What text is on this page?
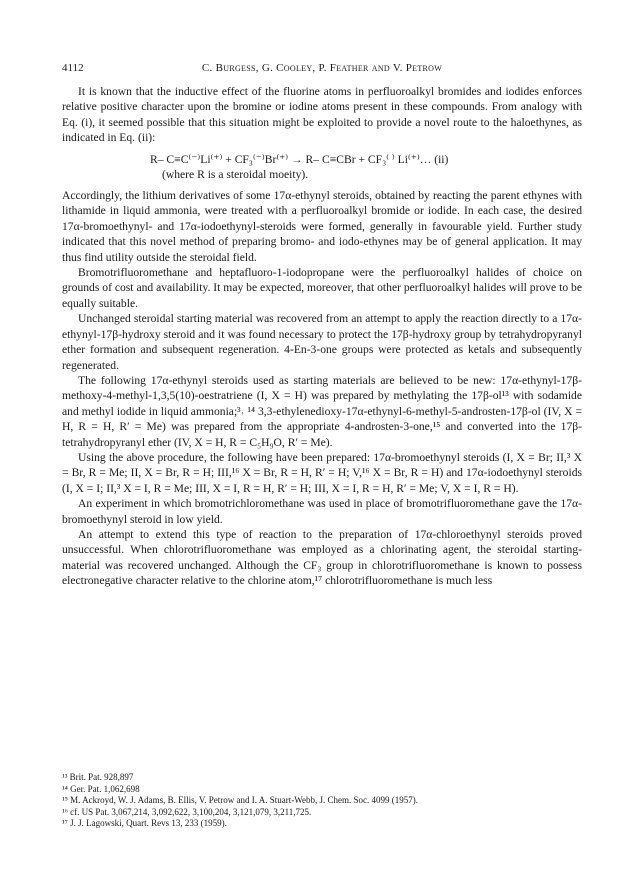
4112	C. Burgess, G. Cooley, P. Feather and V. Petrow

It is known that the inductive effect of the fluorine atoms in perfluoroalkyl bromides and iodides enforces relative positive character upon the bromine or iodine atoms present in these compounds. From analogy with Eq. (i), it seemed possible that this situation might be exploited to provide a novel route to the haloethynes, as indicated in Eq. (ii):

R– C≡C⁽⁻⁾Li⁽⁺⁾ + CF₃⁽⁻⁾Br⁽⁺⁾ → R– C≡CBr + CF₃⁽ ⁾ Li⁽⁺⁾… (ii)
(where R is a steroidal moeity).

Accordingly, the lithium derivatives of some 17α-ethynyl steroids, obtained by reacting the parent ethynes with lithamide in liquid ammonia, were treated with a perfluoroalkyl bromide or iodide. In each case, the desired 17α-bromoethynyl- and 17α-iodoethynyl-steroids were formed, generally in favourable yield. Further study indicated that this novel method of preparing bromo- and iodo-ethynes may be of general application. It may thus find utility outside the steroidal field.

Bromotrifluoromethane and heptafluoro-1-iodopropane were the perfluoroalkyl halides of choice on grounds of cost and availability. It may be expected, moreover, that other perfluoroalkyl halides will prove to be equally suitable.

Unchanged steroidal starting material was recovered from an attempt to apply the reaction directly to a 17α-ethynyl-17β-hydroxy steroid and it was found necessary to protect the 17β-hydroxy group by tetrahydropyranyl ether formation and subsequent regeneration. 4-En-3-one groups were protected as ketals and subsequently regenerated.

The following 17α-ethynyl steroids used as starting materials are believed to be new: 17α-ethynyl-17β-methoxy-4-methyl-1,3,5(10)-oestratriene (I, X = H) was prepared by methylating the 17β-ol¹³ with sodamide and methyl iodide in liquid ammonia;³˒ ¹⁴ 3,3-ethylenedioxy-17α-ethynyl-6-methyl-5-androsten-17β-ol (IV, X = H, R = H, R′ = Me) was prepared from the appropriate 4-androsten-3-one,¹⁵ and converted into the 17β-tetrahydropyranyl ether (IV, X = H, R = C₅H₉O, R′ = Me).

Using the above procedure, the following have been prepared: 17α-bromoethynyl steroids (I, X = Br; II,³ X = Br, R = Me; II, X = Br, R = H; III,¹⁶ X = Br, R = H, R′ = H; V,¹⁶ X = Br, R = H) and 17α-iodoethynyl steroids (I, X = I; II,³ X = I, R = Me; III, X = I, R = H, R′ = H; III, X = I, R = H, R′ = Me; V, X = I, R = H).

An experiment in which bromotrichloromethane was used in place of bromotrifluoromethane gave the 17α-bromoethynyl steroid in low yield.

An attempt to extend this type of reaction to the preparation of 17α-chloroethynyl steroids proved unsuccessful. When chlorotrifluoromethane was employed as a chlorinating agent, the steroidal starting-material was recovered unchanged. Although the CF₃ group in chlorotrifluoromethane is known to possess electronegative character relative to the chlorine atom,¹⁷ chlorotrifluoromethane is much less

¹³ Brit. Pat. 928,897
¹⁴ Ger. Pat. 1,062,698
¹⁵ M. Ackroyd, W. J. Adams, B. Ellis, V. Petrow and I. A. Stuart-Webb, J. Chem. Soc. 4099 (1957).
¹⁶ cf. US Pat. 3,067,214, 3,092,622, 3,100,204, 3,121,079, 3,211,725.
¹⁷ J. J. Lagowski, Quart. Revs 13, 233 (1959).
